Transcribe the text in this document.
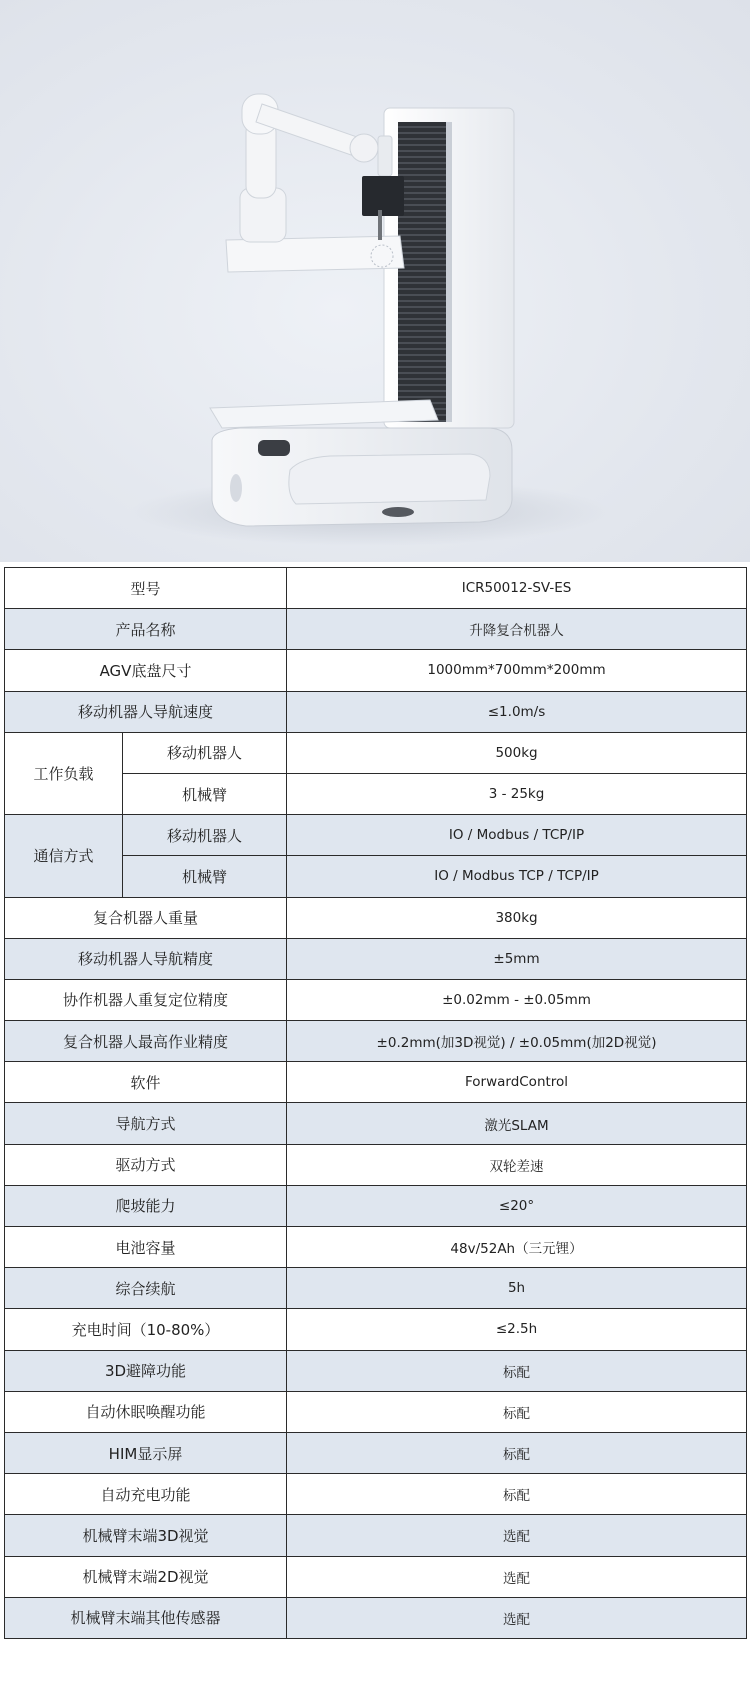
型号		ICR50012-SV-ES
产品名称		升降复合机器人
AGV底盘尺寸		1000mm*700mm*200mm
移动机器人导航速度		≤1.0m/s
工作负载	移动机器人	500kg
	机械臂	3 - 25kg
通信方式	移动机器人	IO / Modbus / TCP/IP
	机械臂	IO / Modbus TCP / TCP/IP
复合机器人重量		380kg
移动机器人导航精度		±5mm
协作机器人重复定位精度		±0.02mm - ±0.05mm
复合机器人最高作业精度		±0.2mm(加3D视觉) / ±0.05mm(加2D视觉)
软件		ForwardControl
导航方式		激光SLAM
驱动方式		双轮差速
爬坡能力		≤20°
电池容量		48v/52Ah（三元锂）
综合续航		5h
充电时间（10-80%）		≤2.5h
3D避障功能		标配
自动休眠唤醒功能		标配
HIM显示屏		标配
自动充电功能		标配
机械臂末端3D视觉		选配
机械臂末端2D视觉		选配
机械臂末端其他传感器		选配
